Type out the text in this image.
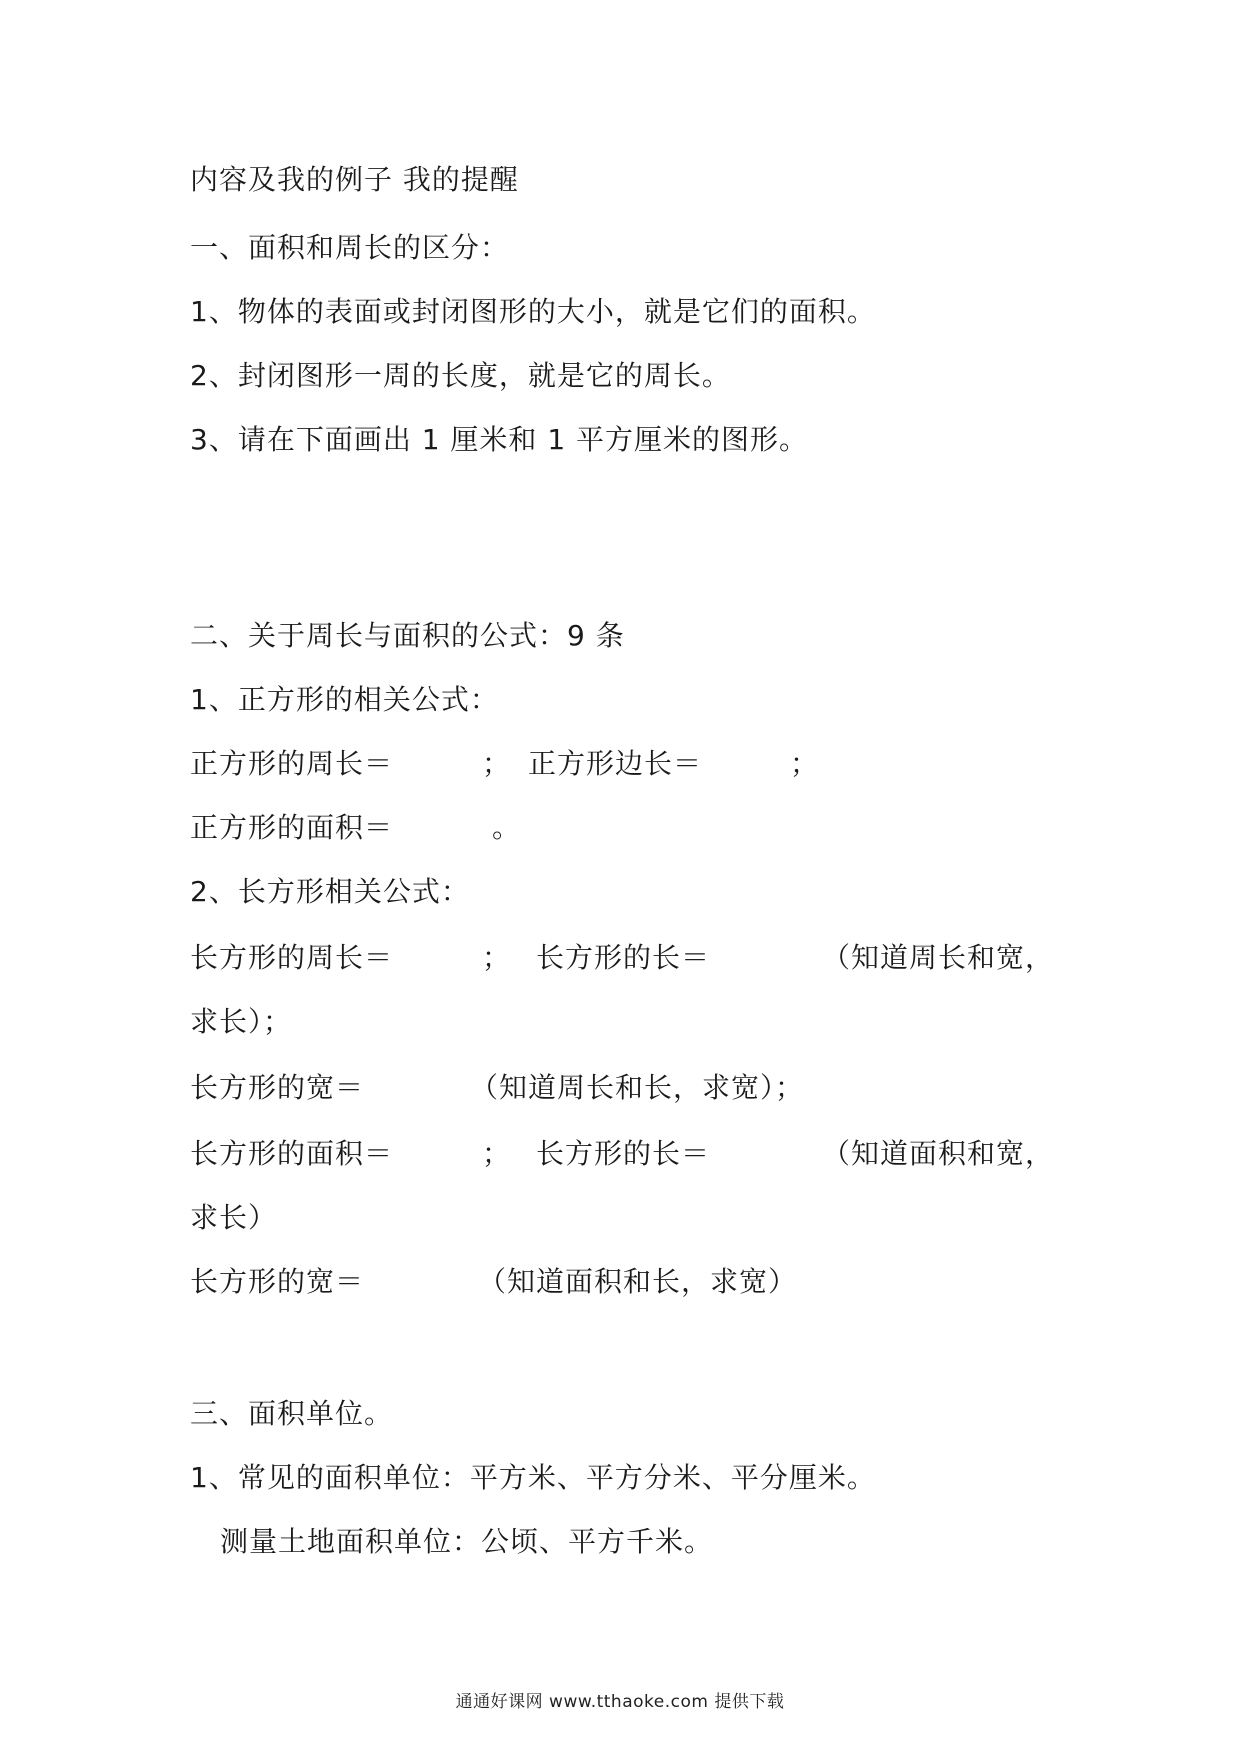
内容及我的例子 我的提醒
一、面积和周长的区分：
1、物体的表面或封闭图形的大小，就是它们的面积。
2、封闭图形一周的长度，就是它的周长。
3、请在下面画出 1 厘米和 1 平方厘米的图形。
二、关于周长与面积的公式：9 条
1、正方形的相关公式：
正方形的周长＝	； 正方形边长＝	；
正方形的面积＝	。
2、长方形相关公式：
长方形的周长＝	； 长方形的长＝	（知道周长和宽，
求长）；
长方形的宽＝	（知道周长和长，求宽）；
长方形的面积＝	； 长方形的长＝	（知道面积和宽，
求长）
长方形的宽＝	（知道面积和长，求宽）
三、面积单位。
1、常见的面积单位：平方米、平方分米、平分厘米。
测量土地面积单位：公顷、平方千米。
通通好课网 www.tthaoke.com 提供下载
